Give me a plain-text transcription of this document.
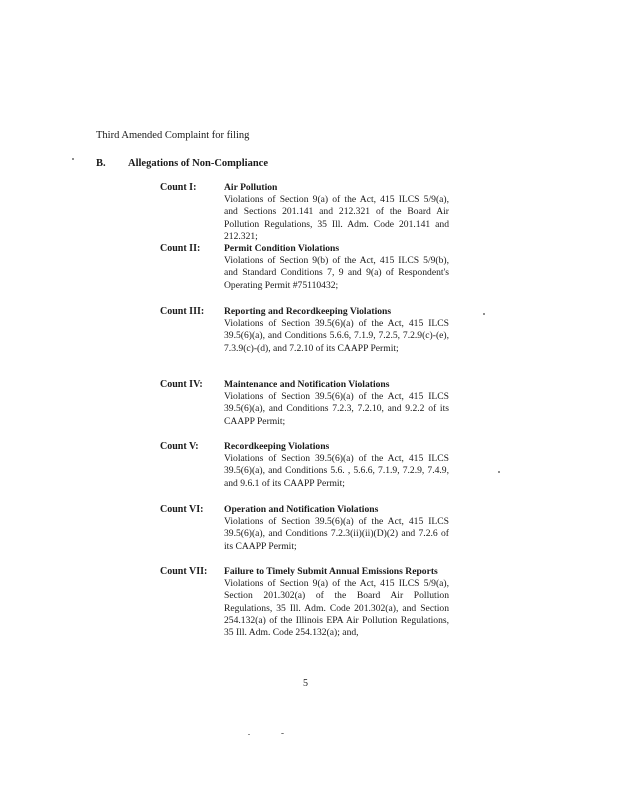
Third Amended Complaint for filing
B. Allegations of Non-Compliance
Count I:	Air Pollution
Violations of Section 9(a) of the Act, 415 ILCS 5/9(a), and Sections 201.141 and 212.321 of the Board Air Pollution Regulations, 35 Ill. Adm. Code 201.141 and 212.321;
Count II:	Permit Condition Violations
Violations of Section 9(b) of the Act, 415 ILCS 5/9(b), and Standard Conditions 7, 9 and 9(a) of Respondent's Operating Permit #75110432;
Count III:	Reporting and Recordkeeping Violations
Violations of Section 39.5(6)(a) of the Act, 415 ILCS 39.5(6)(a), and Conditions 5.6.6, 7.1.9, 7.2.5, 7.2.9(c)-(e), 7.3.9(c)-(d), and 7.2.10 of its CAAPP Permit;
Count IV:	Maintenance and Notification Violations
Violations of Section 39.5(6)(a) of the Act, 415 ILCS 39.5(6)(a), and Conditions 7.2.3, 7.2.10, and 9.2.2 of its CAAPP Permit;
Count V:	Recordkeeping Violations
Violations of Section 39.5(6)(a) of the Act, 415 ILCS 39.5(6)(a), and Conditions 5.6. , 5.6.6, 7.1.9, 7.2.9, 7.4.9, and 9.6.1 of its CAAPP Permit;
Count VI:	Operation and Notification Violations
Violations of Section 39.5(6)(a) of the Act, 415 ILCS 39.5(6)(a), and Conditions 7.2.3(ii)(ii)(D)(2) and 7.2.6 of its CAAPP Permit;
Count VII:	Failure to Timely Submit Annual Emissions Reports
Violations of Section 9(a) of the Act, 415 ILCS 5/9(a), Section 201.302(a) of the Board Air Pollution Regulations, 35 Ill. Adm. Code 201.302(a), and Section 254.132(a) of the Illinois EPA Air Pollution Regulations, 35 Ill. Adm. Code 254.132(a); and,
5
